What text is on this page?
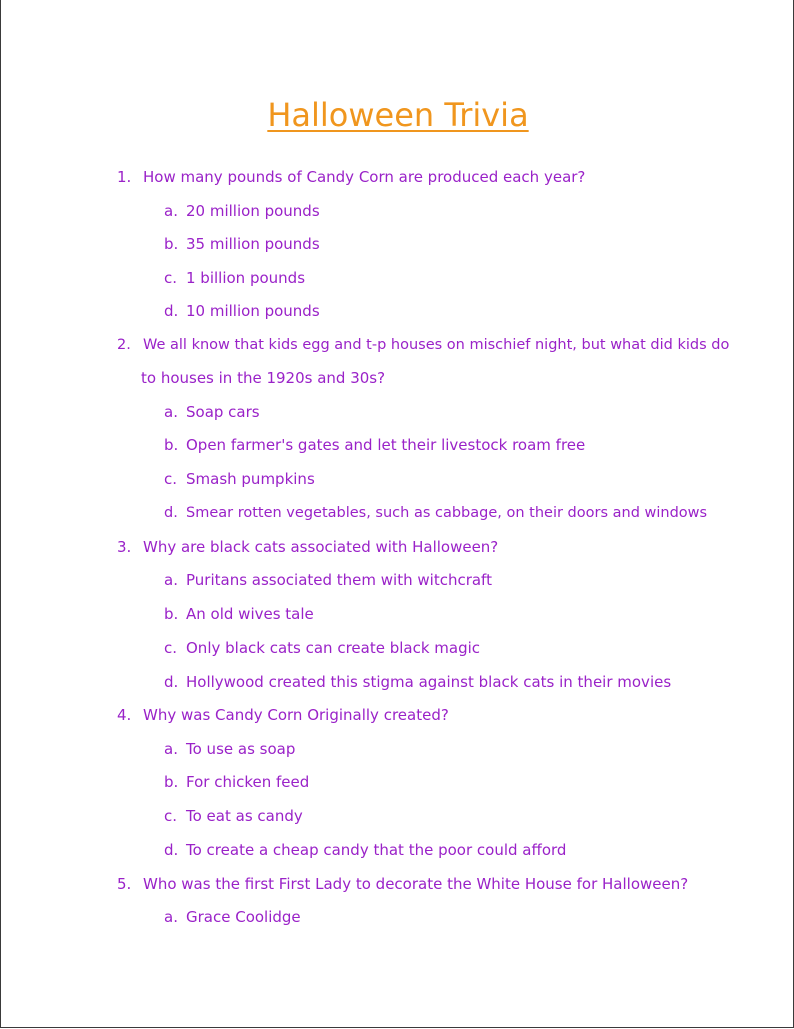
Halloween Trivia
1. How many pounds of Candy Corn are produced each year?
a. 20 million pounds
b. 35 million pounds
c. 1 billion pounds
d. 10 million pounds
2. We all know that kids egg and t-p houses on mischief night, but what did kids do
to houses in the 1920s and 30s?
a. Soap cars
b. Open farmer's gates and let their livestock roam free
c. Smash pumpkins
d. Smear rotten vegetables, such as cabbage, on their doors and windows
3. Why are black cats associated with Halloween?
a. Puritans associated them with witchcraft
b. An old wives tale
c. Only black cats can create black magic
d. Hollywood created this stigma against black cats in their movies
4. Why was Candy Corn Originally created?
a. To use as soap
b. For chicken feed
c. To eat as candy
d. To create a cheap candy that the poor could afford
5. Who was the first First Lady to decorate the White House for Halloween?
a. Grace Coolidge
